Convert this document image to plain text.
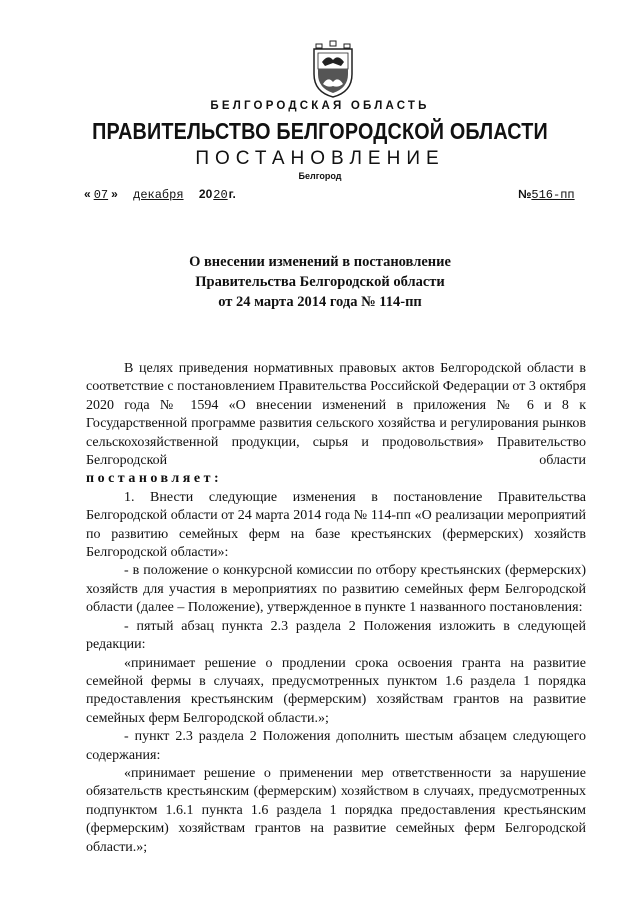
БЕЛГОРОДСКАЯ ОБЛАСТЬ
ПРАВИТЕЛЬСТВО БЕЛГОРОДСКОЙ ОБЛАСТИ
ПОСТАНОВЛЕНИЕ
Белгород
« 07 » декабря 2020г.	№516-пп
О внесении изменений в постановление
Правительства Белгородской области
от 24 марта 2014 года № 114-пп

В целях приведения нормативных правовых актов Белгородской области в соответствие с постановлением Правительства Российской Федерации от 3 октября 2020 года № 1594 «О внесении изменений в приложения № 6 и 8 к Государственной программе развития сельского хозяйства и регулирования рынков сельскохозяйственной продукции, сырья и продовольствия» Правительство Белгородской области

постановляет:

1. Внести следующие изменения в постановление Правительства Белгородской области от 24 марта 2014 года № 114-пп «О реализации мероприятий по развитию семейных ферм на базе крестьянских (фермерских) хозяйств Белгородской области»:

- в положение о конкурсной комиссии по отбору крестьянских (фермерских) хозяйств для участия в мероприятиях по развитию семейных ферм Белгородской области (далее – Положение), утвержденное в пункте 1 названного постановления:

- пятый абзац пункта 2.3 раздела 2 Положения изложить в следующей редакции:

«принимает решение о продлении срока освоения гранта на развитие семейной фермы в случаях, предусмотренных пунктом 1.6 раздела 1 порядка предоставления крестьянским (фермерским) хозяйствам грантов на развитие семейных ферм Белгородской области.»;

- пункт 2.3 раздела 2 Положения дополнить шестым абзацем следующего содержания:

«принимает решение о применении мер ответственности за нарушение обязательств крестьянским (фермерским) хозяйством в случаях, предусмотренных подпунктом 1.6.1 пункта 1.6 раздела 1 порядка предоставления крестьянским (фермерским) хозяйствам грантов на развитие семейных ферм Белгородской области.»;
